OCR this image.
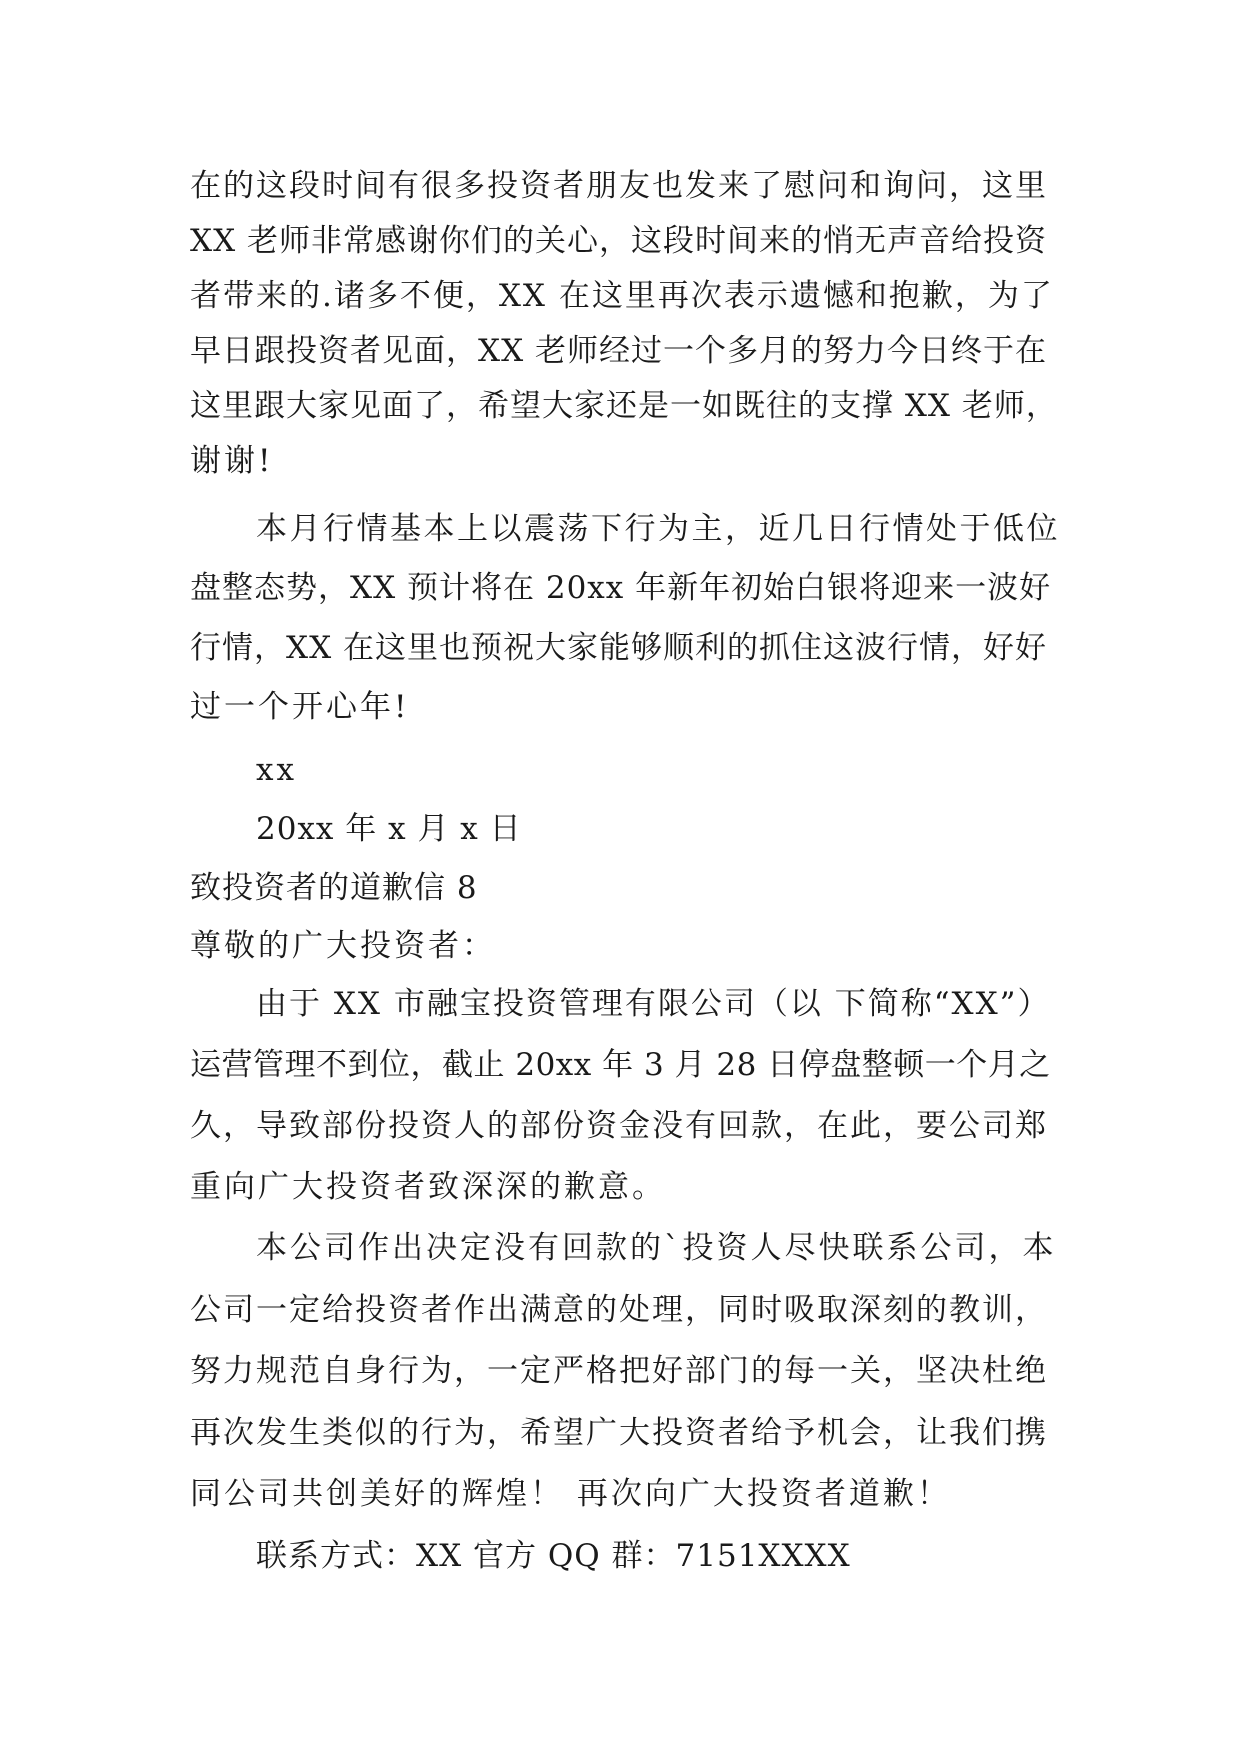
在的这段时间有很多投资者朋友也发来了慰问和询问，这里
XX 老师非常感谢你们的关心，这段时间来的悄无声音给投资
者带来的.诸多不便，XX 在这里再次表示遗憾和抱歉，为了
早日跟投资者见面，XX 老师经过一个多月的努力今日终于在
这里跟大家见面了，希望大家还是一如既往的支撑 XX 老师，
谢谢!
本月行情基本上以震荡下行为主，近几日行情处于低位
盘整态势，XX 预计将在 20xx 年新年初始白银将迎来一波好
行情，XX 在这里也预祝大家能够顺利的抓住这波行情，好好
过一个开心年!
xx
20xx 年 x 月 x 日
致投资者的道歉信 8
尊敬的广大投资者：
由于 XX 市融宝投资管理有限公司（以 下简称“XX”）
运营管理不到位，截止 20xx 年 3 月 28 日停盘整顿一个月之
久，导致部份投资人的部份资金没有回款，在此，要公司郑
重向广大投资者致深深的歉意。
本公司作出决定没有回款的`投资人尽快联系公司，本
公司一定给投资者作出满意的处理，同时吸取深刻的教训，
努力规范自身行为，一定严格把好部门的每一关，坚决杜绝
再次发生类似的行为，希望广大投资者给予机会，让我们携
同公司共创美好的辉煌！ 再次向广大投资者道歉！
联系方式：XX 官方 QQ 群：7151XXXX
